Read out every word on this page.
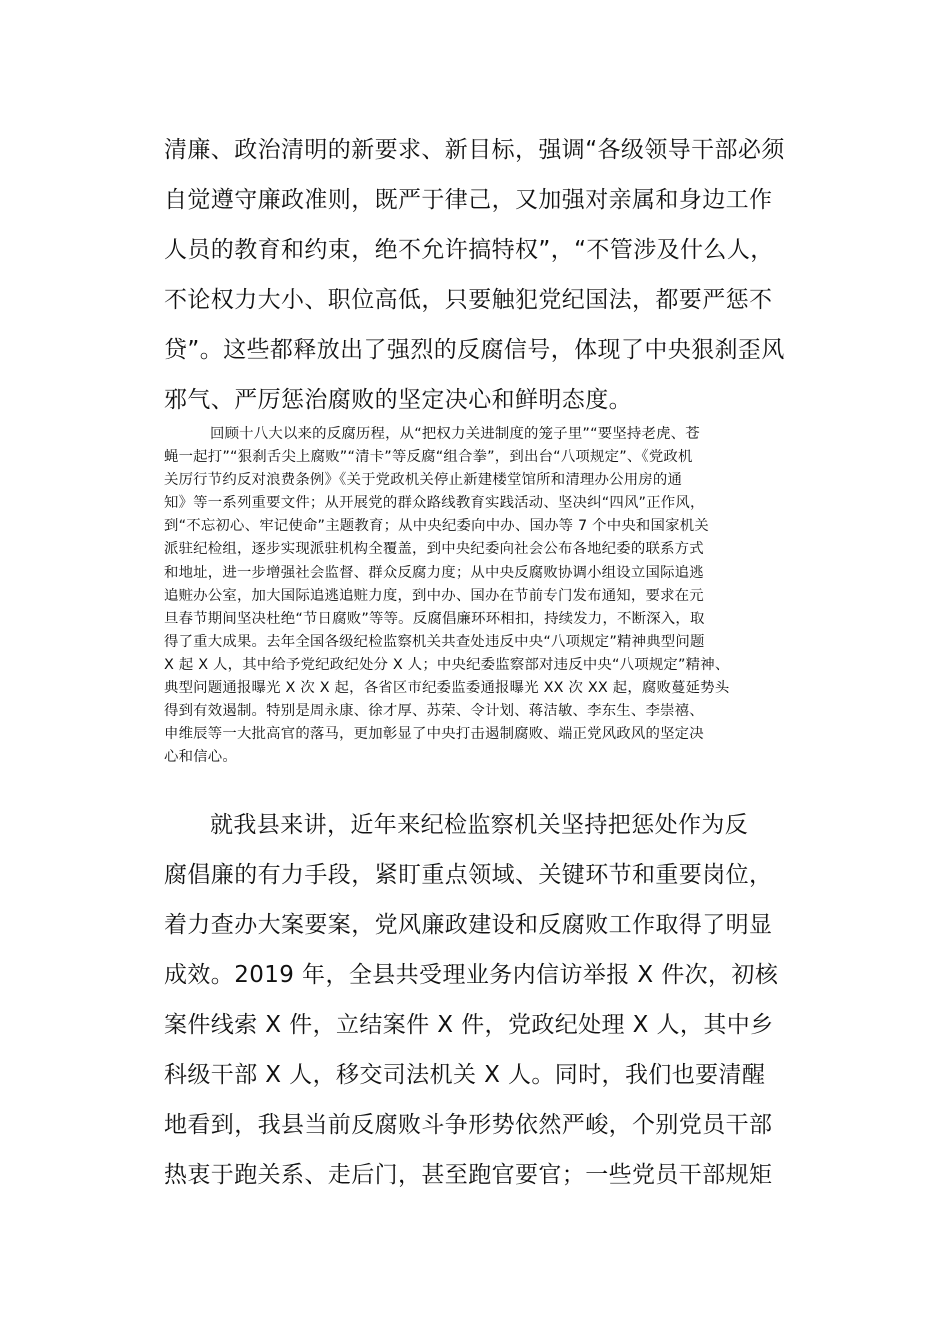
清廉、政治清明的新要求、新目标，强调“各级领导干部必须
自觉遵守廉政准则，既严于律己，又加强对亲属和身边工作
人员的教育和约束，绝不允许搞特权”，“不管涉及什么人，
不论权力大小、职位高低，只要触犯党纪国法，都要严惩不
贷”。这些都释放出了强烈的反腐信号，体现了中央狠刹歪风
邪气、严厉惩治腐败的坚定决心和鲜明态度。
回顾十八大以来的反腐历程，从“把权力关进制度的笼子里”“要坚持老虎、苍
蝇一起打”“狠刹舌尖上腐败”“清卡”等反腐“组合拳”，到出台“八项规定”、《党政机
关厉行节约反对浪费条例》《关于党政机关停止新建楼堂馆所和清理办公用房的通
知》等一系列重要文件；从开展党的群众路线教育实践活动、坚决纠“四风”正作风，
到“不忘初心、牢记使命”主题教育；从中央纪委向中办、国办等 7 个中央和国家机关
派驻纪检组，逐步实现派驻机构全覆盖，到中央纪委向社会公布各地纪委的联系方式
和地址，进一步增强社会监督、群众反腐力度；从中央反腐败协调小组设立国际追逃
追赃办公室，加大国际追逃追赃力度，到中办、国办在节前专门发布通知，要求在元
旦春节期间坚决杜绝“节日腐败”等等。反腐倡廉环环相扣，持续发力，不断深入，取
得了重大成果。去年全国各级纪检监察机关共查处违反中央“八项规定”精神典型问题
X 起 X 人，其中给予党纪政纪处分 X 人；中央纪委监察部对违反中央“八项规定”精神、
典型问题通报曝光 X 次 X 起，各省区市纪委监委通报曝光 XX 次 XX 起，腐败蔓延势头
得到有效遏制。特别是周永康、徐才厚、苏荣、令计划、蒋洁敏、李东生、李崇禧、
申维辰等一大批高官的落马，更加彰显了中央打击遏制腐败、端正党风政风的坚定决
心和信心。
就我县来讲，近年来纪检监察机关坚持把惩处作为反
腐倡廉的有力手段，紧盯重点领域、关键环节和重要岗位，
着力查办大案要案，党风廉政建设和反腐败工作取得了明显
成效。2019 年，全县共受理业务内信访举报 X 件次，初核
案件线索 X 件，立结案件 X 件，党政纪处理 X 人，其中乡
科级干部 X 人，移交司法机关 X 人。同时，我们也要清醒
地看到，我县当前反腐败斗争形势依然严峻，个别党员干部
热衷于跑关系、走后门，甚至跑官要官；一些党员干部规矩
